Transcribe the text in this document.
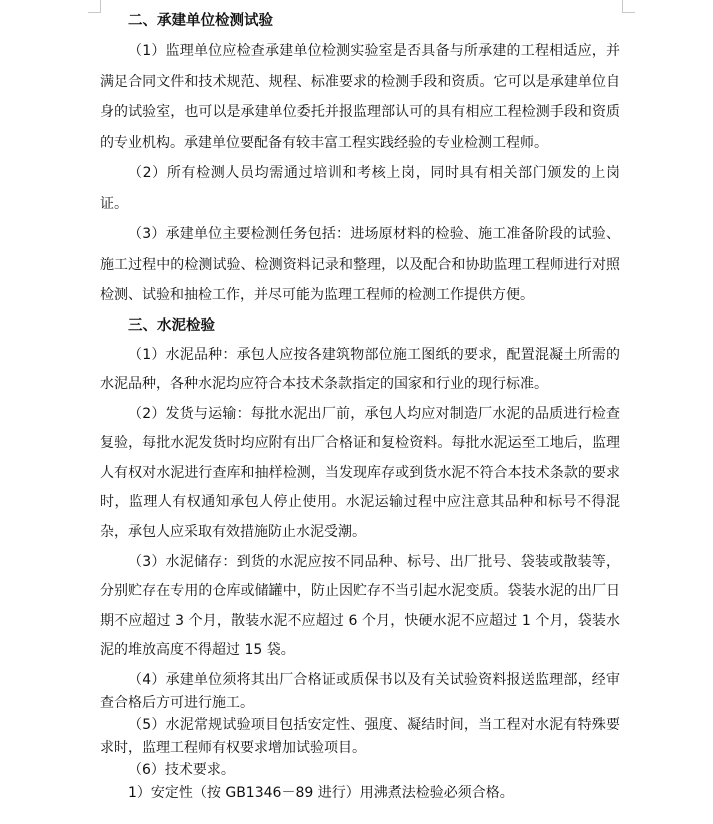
二、承建单位检测试验

（1）监理单位应检查承建单位检测实验室是否具备与所承建的工程相适应，并满足合同文件和技术规范、规程、标准要求的检测手段和资质。它可以是承建单位自身的试验室，也可以是承建单位委托并报监理部认可的具有相应工程检测手段和资质的专业机构。承建单位要配备有较丰富工程实践经验的专业检测工程师。

（2）所有检测人员均需通过培训和考核上岗，同时具有相关部门颁发的上岗证。

（3）承建单位主要检测任务包括：进场原材料的检验、施工准备阶段的试验、施工过程中的检测试验、检测资料记录和整理，以及配合和协助监理工程师进行对照检测、试验和抽检工作，并尽可能为监理工程师的检测工作提供方便。

三、水泥检验

（1）水泥品种：承包人应按各建筑物部位施工图纸的要求，配置混凝土所需的水泥品种，各种水泥均应符合本技术条款指定的国家和行业的现行标准。

（2）发货与运输：每批水泥出厂前，承包人均应对制造厂水泥的品质进行检查复验，每批水泥发货时均应附有出厂合格证和复检资料。每批水泥运至工地后，监理人有权对水泥进行查库和抽样检测，当发现库存或到货水泥不符合本技术条款的要求时，监理人有权通知承包人停止使用。水泥运输过程中应注意其品种和标号不得混杂，承包人应采取有效措施防止水泥受潮。

（3）水泥储存：到货的水泥应按不同品种、标号、出厂批号、袋装或散装等，分别贮存在专用的仓库或储罐中，防止因贮存不当引起水泥变质。袋装水泥的出厂日期不应超过 3 个月，散装水泥不应超过 6 个月，快硬水泥不应超过 1 个月，袋装水泥的堆放高度不得超过 15 袋。

（4）承建单位须将其出厂合格证或质保书以及有关试验资料报送监理部，经审查合格后方可进行施工。

（5）水泥常规试验项目包括安定性、强度、凝结时间，当工程对水泥有特殊要求时，监理工程师有权要求增加试验项目。

（6）技术要求。

1）安定性（按 GB1346－89 进行）用沸煮法检验必须合格。
